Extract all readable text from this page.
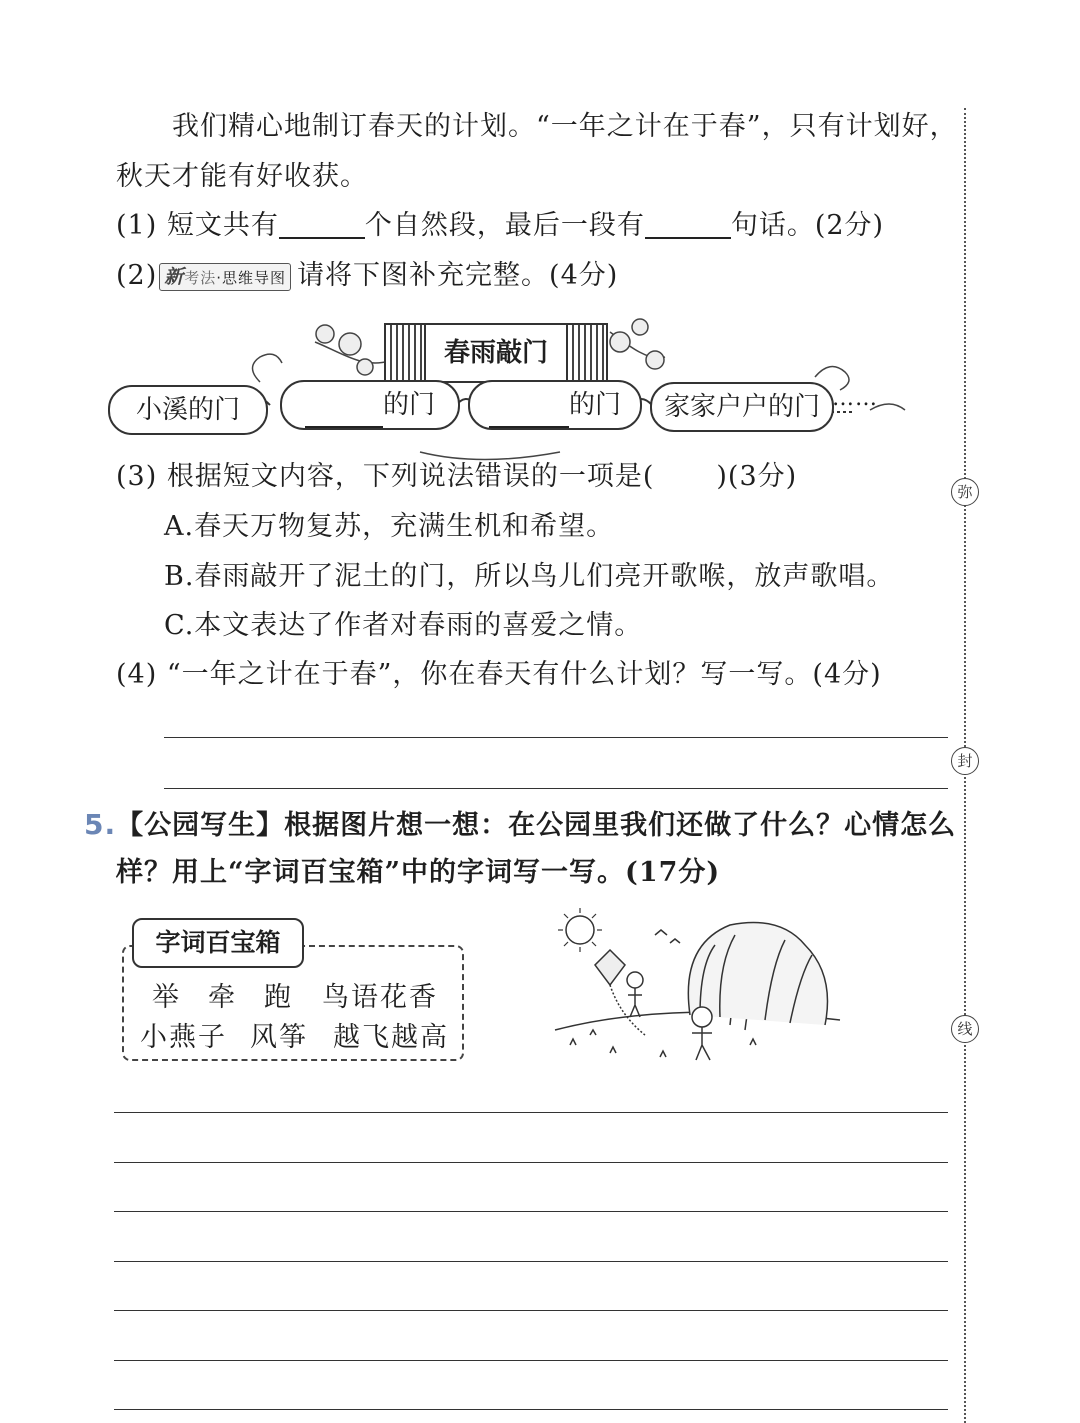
弥
封
线
我们精心地制订春天的计划。“一年之计在于春”，只有计划好，
秋天才能有好收获。
(1) 短文共有	个自然段，最后一段有	句话。(2分)
(2) 新考法·思维导图 请将下图补充完整。(4分)
春雨敲门
小溪的门	的门	的门	家家户户的门 ……
(3) 根据短文内容，下列说法错误的一项是( )(3分)
A.春天万物复苏，充满生机和希望。
B.春雨敲开了泥土的门，所以鸟儿们亮开歌喉，放声歌唱。
C.本文表达了作者对春雨的喜爱之情。
(4) “一年之计在于春”，你在春天有什么计划？写一写。(4分)
5.【公园写生】根据图片想一想：在公园里我们还做了什么？心情怎么
样？用上“字词百宝箱”中的字词写一写。(17分)
字词百宝箱
举 牵 跑 鸟语花香
小燕子 风筝 越飞越高
